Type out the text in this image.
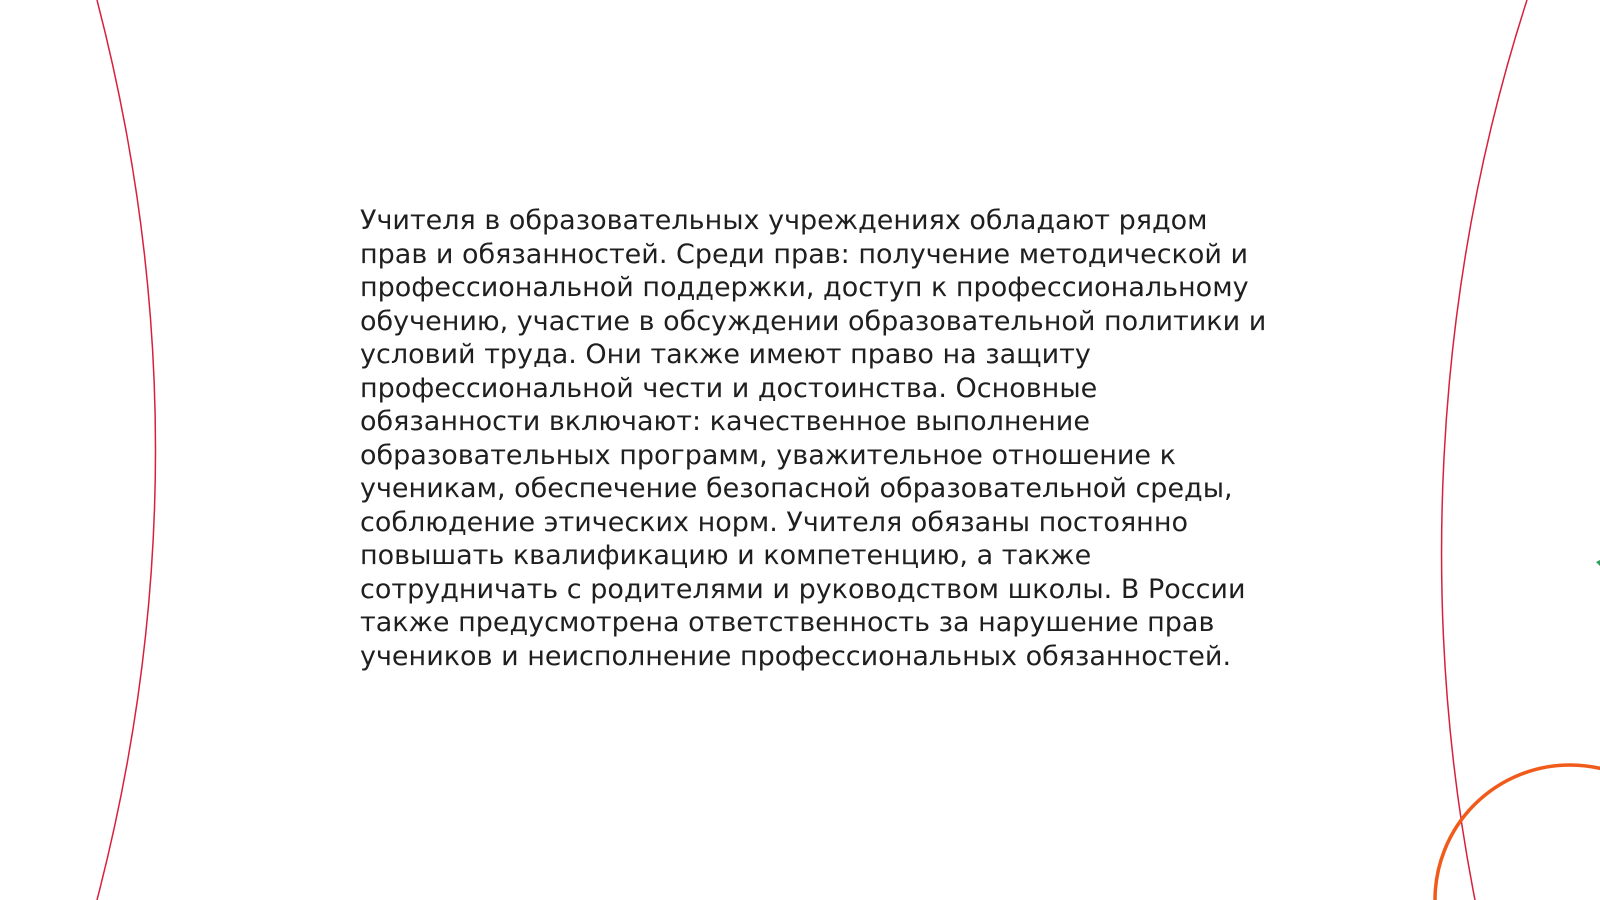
Учителя в образовательных учреждениях обладают рядом
прав и обязанностей. Среди прав: получение методической и
профессиональной поддержки, доступ к профессиональному
обучению, участие в обсуждении образовательной политики и
условий труда. Они также имеют право на защиту
профессиональной чести и достоинства. Основные
обязанности включают: качественное выполнение
образовательных программ, уважительное отношение к
ученикам, обеспечение безопасной образовательной среды,
соблюдение этических норм. Учителя обязаны постоянно
повышать квалификацию и компетенцию, а также
сотрудничать с родителями и руководством школы. В России
также предусмотрена ответственность за нарушение прав
учеников и неисполнение профессиональных обязанностей.
